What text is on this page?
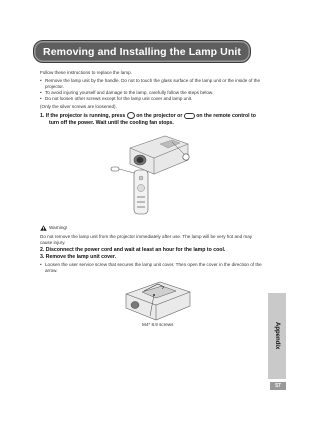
Removing and Installing the Lamp Unit
Follow these instructions to replace the lamp.
• Remove the lamp unit by the handle. Do not to touch the glass surface of the lamp unit or the inside of the
projector.
• To avoid injuring yourself and damage to the lamp, carefully follow the steps below.
• Do not loosen other screws except for the lamp unit cover and lamp unit.
(Only the silver screws are loosened).
1. If the projector is running, press on the projector or	on the remote control to
turn off the power. Wait until the cooling fan stops.
Warning!
Do not remove the lamp unit from the projector immediately after use. The lamp will be very hot and may
cause injury.
2. Disconnect the power cord and wait at least an hour for the lamp to cool.
3. Remove the lamp unit cover.
• Loosen the user service screw that secures the lamp unit cover. Then open the cover in the direction of the
arrow.
M4* 8.9 screws	Appendix
57
